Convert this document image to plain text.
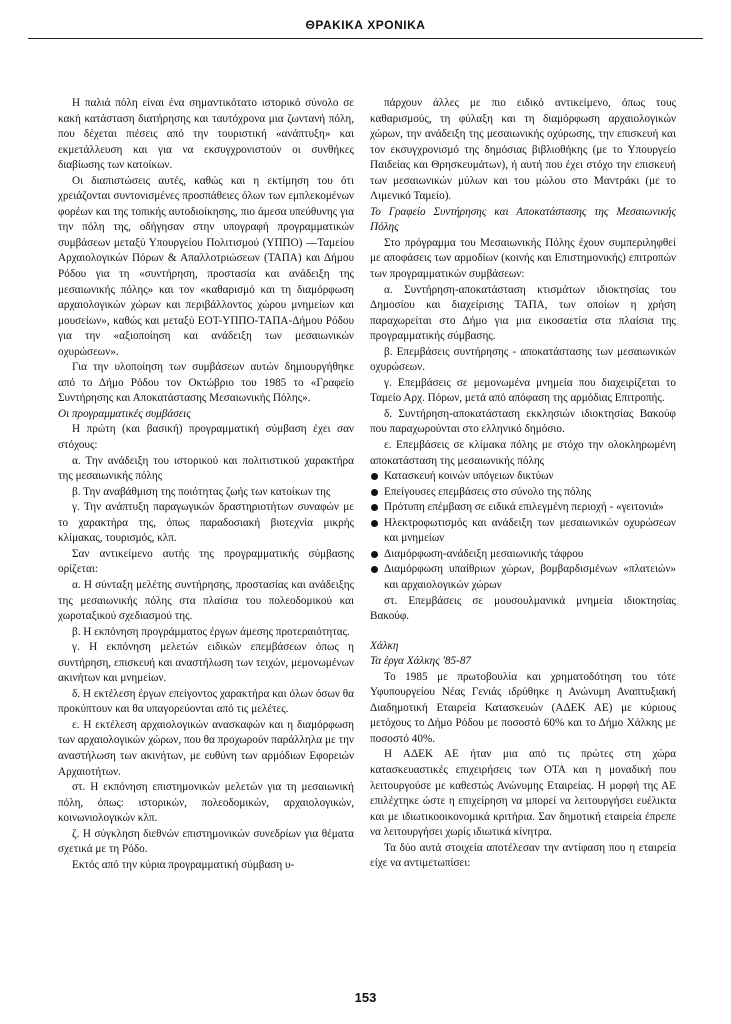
ΘΡΑΚΙΚΑ ΧΡΟΝΙΚΑ

Η παλιά πόλη είναι ένα σημαντικότατο ιστορικό σύνολο σε κακή κατάσταση διατήρησης και ταυτόχρονα μια ζωντανή πόλη, που δέχεται πιέσεις από την τουριστική «ανάπτυξη» και εκμετάλλευση και για να εκσυγχρονιστούν οι συνθήκες διαβίωσης των κατοίκων.

Οι διαπιστώσεις αυτές, καθώς και η εκτίμηση του ότι χρειάζονται συντονισμένες προσπάθειες όλων των εμπλεκομένων φορέων και της τοπικής αυτοδιοίκησης, πιο άμεσα υπεύθυνης για την πόλη της, οδήγησαν στην υπογραφή προγραμματικών συμβάσεων μεταξύ Υπουργείου Πολιτισμού (ΥΠΠΟ) —Ταμείου Αρχαιολογικών Πόρων & Απαλλοτριώσεων (ΤΑΠΑ) και Δήμου Ρόδου για τη «συντήρηση, προστασία και ανάδειξη της μεσαιωνικής πόλης» και τον «καθαρισμό και τη διαμόρφωση αρχαιολογικών χώρων και περιβάλλοντος χώρου μνημείων και μουσείων», καθώς και μεταξύ ΕΟΤ-ΥΠΠΟ-ΤΑΠΑ-Δήμου Ρόδου για την «αξιοποίηση και ανάδειξη των μεσαιωνικών οχυρώσεων».

Για την υλοποίηση των συμβάσεων αυτών δημιουργήθηκε από το Δήμο Ρόδου τον Οκτώβριο του 1985 το «Γραφείο Συντήρησης και Αποκατάστασης Μεσαιωνικής Πόλης».

Οι προγραμματικές συμβάσεις

Η πρώτη (και βασική) προγραμματική σύμβαση έχει σαν στόχους:

α. Την ανάδειξη του ιστορικού και πολιτιστικού χαρακτήρα της μεσαιωνικής πόλης

β. Την αναβάθμιση της ποιότητας ζωής των κατοίκων της

γ. Την ανάπτυξη παραγωγικών δραστηριοτήτων συναφών με το χαρακτήρα της, όπως παραδοσιακή βιοτεχνία μικρής κλίμακας, τουρισμός, κλπ.

Σαν αντικείμενο αυτής της προγραμματικής σύμβασης ορίζεται:

α. Η σύνταξη μελέτης συντήρησης, προστασίας και ανάδειξης της μεσαιωνικής πόλης στα πλαίσια του πολεοδομικού και χωροταξικού σχεδιασμού της.

β. Η εκπόνηση προγράμματος έργων άμεσης προτεραιότητας.

γ. Η εκπόνηση μελετών ειδικών επεμβάσεων όπως η συντήρηση, επισκευή και αναστήλωση των τειχών, μεμονωμένων ακινήτων και μνημείων.

δ. Η εκτέλεση έργων επείγοντος χαρακτήρα και όλων όσων θα προκύπτουν και θα υπαγορεύονται από τις μελέτες.

ε. Η εκτέλεση αρχαιολογικών ανασκαφών και η διαμόρφωση των αρχαιολογικών χώρων, που θα προχωρούν παράλληλα με την αναστήλωση των ακινήτων, με ευθύνη των αρμόδιων Εφορειών Αρχαιοτήτων.

στ. Η εκπόνηση επιστημονικών μελετών για τη μεσαιωνική πόλη, όπως: ιστορικών, πολεοδομικών, αρχαιολογικών, κοινωνιολογικών κλπ.

ζ. Η σύγκληση διεθνών επιστημονικών συνεδρίων για θέματα σχετικά με τη Ρόδο.

Εκτός από την κύρια προγραμματική σύμβαση υ-

πάρχουν άλλες με πιο ειδικό αντικείμενο, όπως τους καθαρισμούς, τη φύλαξη και τη διαμόρφωση αρχαιολογικών χώρων, την ανάδειξη της μεσαιωνικής οχύρωσης, την επισκευή και τον εκσυγχρονισμό της δημόσιας βιβλιοθήκης (με το Υπουργείο Παιδείας και Θρησκευμάτων), ή αυτή που έχει στόχο την επισκευή των μεσαιωνικών μύλων και του μώλου στο Μαντράκι (με το Λιμενικό Ταμείο).

Το Γραφείο Συντήρησης και Αποκατάστασης της Μεσαιωνικής Πόλης

Στο πρόγραμμα του Μεσαιωνικής Πόλης έχουν συμπεριληφθεί με αποφάσεις των αρμοδίων (κοινής και Επιστημονικής) επιτροπών των προγραμματικών συμβάσεων:

α. Συντήρηση-αποκατάσταση κτισμάτων ιδιοκτησίας του Δημοσίου και διαχείρισης ΤΑΠΑ, των οποίων η χρήση παραχωρείται στο Δήμο για μια εικοσαετία στα πλαίσια της προγραμματικής σύμβασης.

β. Επεμβάσεις συντήρησης - αποκατάστασης των μεσαιωνικών οχυρώσεων.

γ. Επεμβάσεις σε μεμονωμένα μνημεία που διαχειρίζεται το Ταμείο Αρχ. Πόρων, μετά από απόφαση της αρμόδιας Επιτροπής.

δ. Συντήρηση-αποκατάσταση εκκλησιών ιδιοκτησίας Βακούφ που παραχωρούνται στο ελληνικό δημόσιο.

ε. Επεμβάσεις σε κλίμακα πόλης με στόχο την ολοκληρωμένη αποκατάσταση της μεσαιωνικής πόλης

Κατασκευή κοινών υπόγειων δικτύων

Επείγουσες επεμβάσεις στο σύνολο της πόλης

Πρότυπη επέμβαση σε ειδικά επιλεγμένη περιοχή - «γειτονιά»

Ηλεκτροφωτισμός και ανάδειξη των μεσαιωνικών οχυρώσεων και μνημείων

Διαμόρφωση-ανάδειξη μεσαιωνικής τάφρου

Διαμόρφωση υπαίθριων χώρων, βομβαρδισμένων «πλατειών» και αρχαιολογικών χώρων

στ. Επεμβάσεις σε μουσουλμανικά μνημεία ιδιοκτησίας Βακούφ.

Χάλκη

Τα έργα Χάλκης '85-87

Το 1985 με πρωτοβουλία και χρηματοδότηση του τότε Υφυπουργείου Νέας Γενιάς ιδρύθηκε η Ανώνυμη Αναπτυξιακή Διαδημοτική Εταιρεία Κατασκευών (ΑΔΕΚ ΑΕ) με κύριους μετόχους το Δήμο Ρόδου με ποσοστό 60% και το Δήμο Χάλκης με ποσοστό 40%.

Η ΑΔΕΚ ΑΕ ήταν μια από τις πρώτες στη χώρα κατασκευαστικές επιχειρήσεις των ΟΤΑ και η μοναδική που λειτουργούσε με καθεστώς Ανώνυμης Εταιρείας. Η μορφή της ΑΕ επιλέχτηκε ώστε η επιχείρηση να μπορεί να λειτουργήσει ευέλικτα και με ιδιωτικοοικονομικά κριτήρια. Σαν δημοτική εταιρεία έπρεπε να λειτουργήσει χωρίς ιδιωτικά κίνητρα.

Τα δύο αυτά στοιχεία αποτέλεσαν την αντίφαση που η εταιρεία είχε να αντιμετωπίσει:

153
